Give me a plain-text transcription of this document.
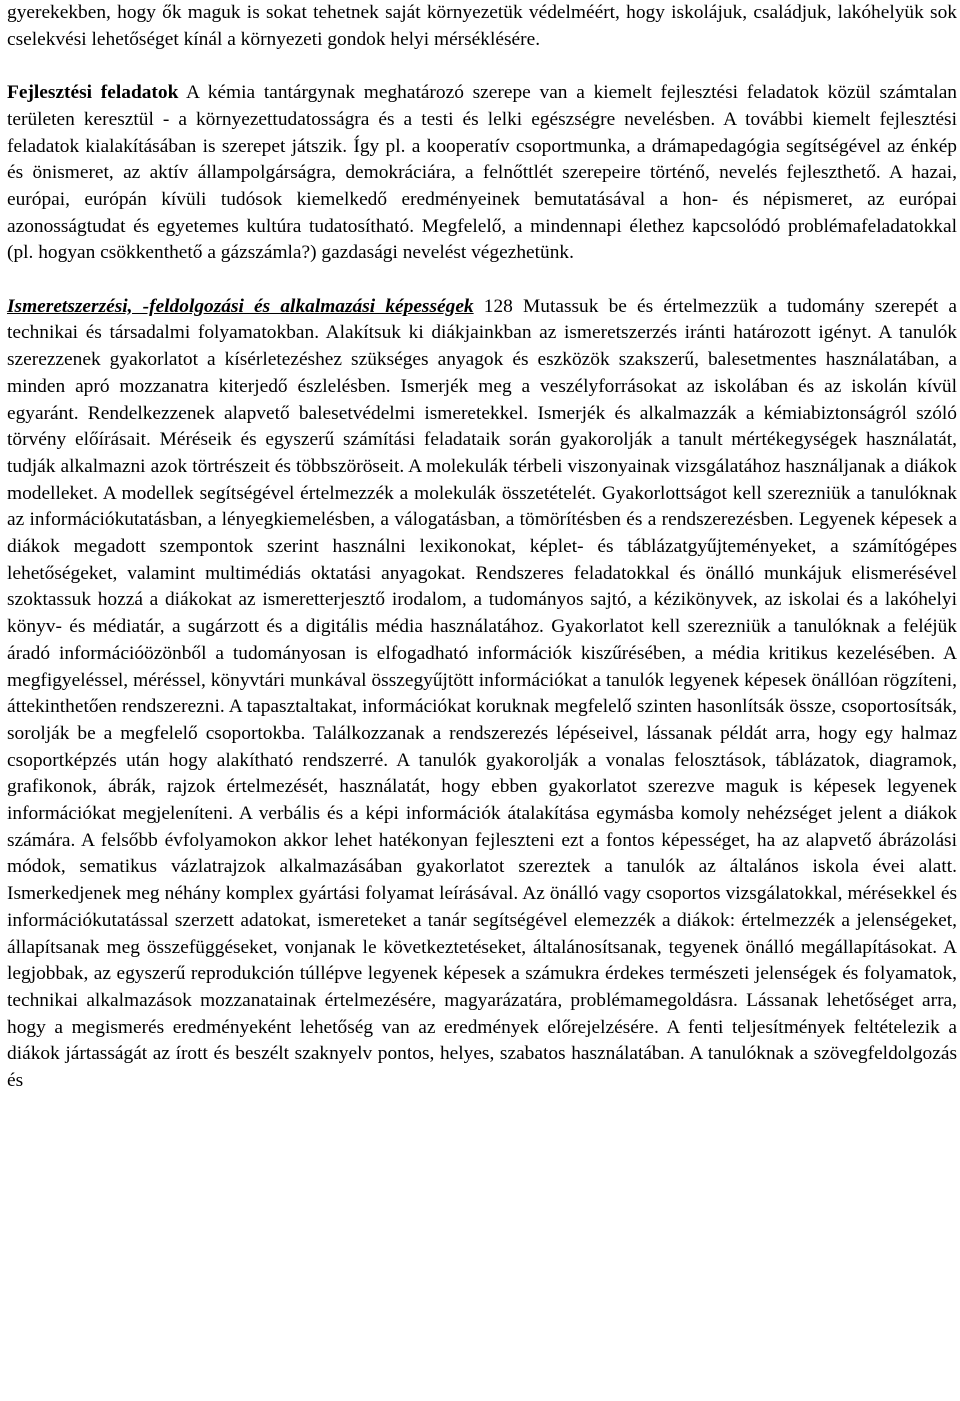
gyerekekben, hogy ők maguk is sokat tehetnek saját környezetük védelméért, hogy iskolájuk, családjuk, lakóhelyük sok cselekvési lehetőséget kínál a környezeti gondok helyi mérséklésére.

Fejlesztési feladatok A kémia tantárgynak meghatározó szerepe van a kiemelt fejlesztési feladatok közül számtalan területen keresztül - a környezettudatosságra és a testi és lelki egészségre nevelésben. A további kiemelt fejlesztési feladatok kialakításában is szerepet játszik. Így pl. a kooperatív csoportmunka, a drámapedagógia segítségével az énkép és önismeret, az aktív állampolgárságra, demokráciára, a felnőttlét szerepeire történő, nevelés fejleszthető. A hazai, európai, európán kívüli tudósok kiemelkedő eredményeinek bemutatásával a hon- és népismeret, az európai azonosságtudat és egyetemes kultúra tudatosítható. Megfelelő, a mindennapi élethez kapcsolódó problémafeladatokkal (pl. hogyan csökkenthető a gázszámla?) gazdasági nevelést végezhetünk.

Ismeretszerzési, -feldolgozási és alkalmazási képességek 128 Mutassuk be és értelmezzük a tudomány szerepét a technikai és társadalmi folyamatokban. Alakítsuk ki diákjainkban az ismeretszerzés iránti határozott igényt. A tanulók szerezzenek gyakorlatot a kísérletezéshez szükséges anyagok és eszközök szakszerű, balesetmentes használatában, a minden apró mozzanatra kiterjedő észlelésben. Ismerjék meg a veszélyforrásokat az iskolában és az iskolán kívül egyaránt. Rendelkezzenek alapvető balesetvédelmi ismeretekkel. Ismerjék és alkalmazzák a kémiabiztonságról szóló törvény előírásait. Méréseik és egyszerű számítási feladataik során gyakorolják a tanult mértékegységek használatát, tudják alkalmazni azok törtrészeit és többszöröseit. A molekulák térbeli viszonyainak vizsgálatához használjanak a diákok modelleket. A modellek segítségével értelmezzék a molekulák összetételét. Gyakorlottságot kell szerezniük a tanulóknak az információkutatásban, a lényegkiemelésben, a válogatásban, a tömörítésben és a rendszerezésben. Legyenek képesek a diákok megadott szempontok szerint használni lexikonokat, képlet- és táblázatgyűjteményeket, a számítógépes lehetőségeket, valamint multimédiás oktatási anyagokat. Rendszeres feladatokkal és önálló munkájuk elismerésével szoktassuk hozzá a diákokat az ismeretterjesztő irodalom, a tudományos sajtó, a kézikönyvek, az iskolai és a lakóhelyi könyv- és médiatár, a sugárzott és a digitális média használatához. Gyakorlatot kell szerezniük a tanulóknak a feléjük áradó információözönből a tudományosan is elfogadható információk kiszűrésében, a média kritikus kezelésében. A megfigyeléssel, méréssel, könyvtári munkával összegyűjtött információkat a tanulók legyenek képesek önállóan rögzíteni, áttekinthetően rendszerezni. A tapasztaltakat, információkat koruknak megfelelő szinten hasonlítsák össze, csoportosítsák, sorolják be a megfelelő csoportokba. Találkozzanak a rendszerezés lépéseivel, lássanak példát arra, hogy egy halmaz csoportképzés után hogy alakítható rendszerré. A tanulók gyakorolják a vonalas felosztások, táblázatok, diagramok, grafikonok, ábrák, rajzok értelmezését, használatát, hogy ebben gyakorlatot szerezve maguk is képesek legyenek információkat megjeleníteni. A verbális és a képi információk átalakítása egymásba komoly nehézséget jelent a diákok számára. A felsőbb évfolyamokon akkor lehet hatékonyan fejleszteni ezt a fontos képességet, ha az alapvető ábrázolási módok, sematikus vázlatrajzok alkalmazásában gyakorlatot szereztek a tanulók az általános iskola évei alatt. Ismerkedjenek meg néhány komplex gyártási folyamat leírásával. Az önálló vagy csoportos vizsgálatokkal, mérésekkel és információkutatással szerzett adatokat, ismereteket a tanár segítségével elemezzék a diákok: értelmezzék a jelenségeket, állapítsanak meg összefüggéseket, vonjanak le következtetéseket, általánosítsanak, tegyenek önálló megállapításokat. A legjobbak, az egyszerű reprodukción túllépve legyenek képesek a számukra érdekes természeti jelenségek és folyamatok, technikai alkalmazások mozzanatainak értelmezésére, magyarázatára, problémamegoldásra. Lássanak lehetőséget arra, hogy a megismerés eredményeként lehetőség van az eredmények előrejelzésére. A fenti teljesítmények feltételezik a diákok jártasságát az írott és beszélt szaknyelv pontos, helyes, szabatos használatában. A tanulóknak a szövegfeldolgozás és
